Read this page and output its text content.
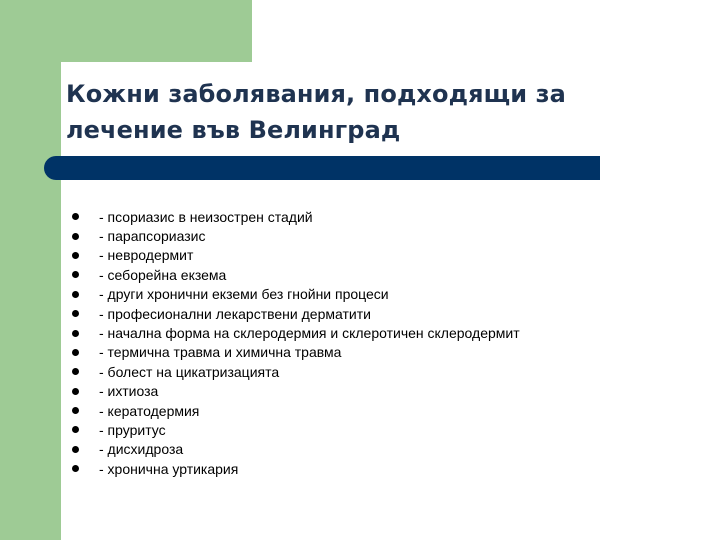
Кожни заболявания, подходящи за лечение във Велинград
- псориазис в неизострен стадий
- парапсориазис
- невродермит
- себорейна екзема
- други хронични екземи без гнойни процеси
- професионални лекарствени дерматити
- начална форма на склеродермия и склеротичен склеродермит
- термична травма и химична травма
- болест на цикатризацията
- ихтиоза
- кератодермия
- пруритус
- дисхидроза
- хронична уртикария
